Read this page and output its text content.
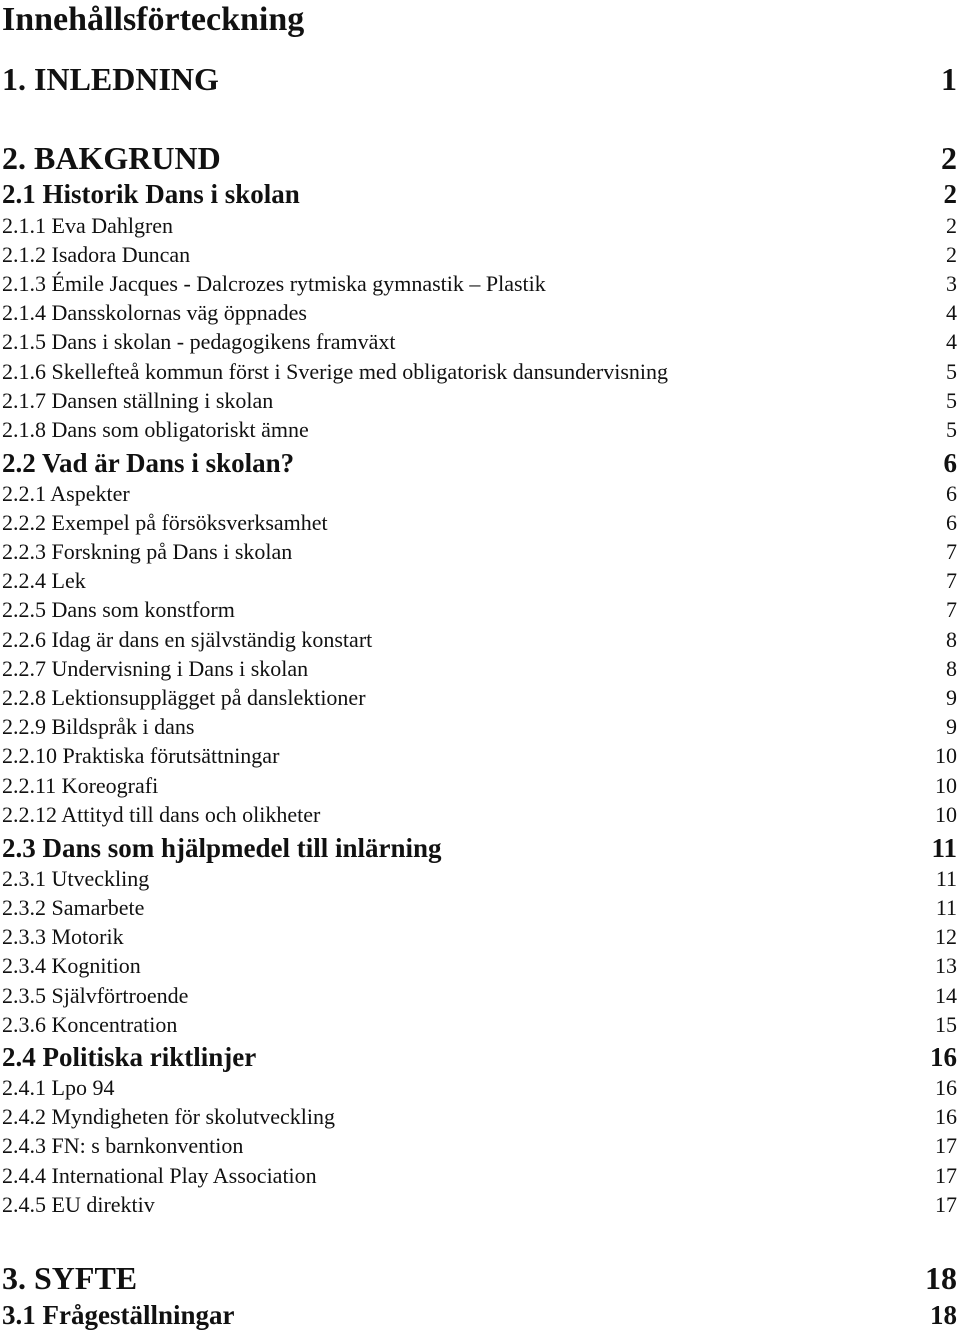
Innehållsförteckning
1. INLEDNING	1
2. BAKGRUND	2
2.1 Historik Dans i skolan	2
2.1.1 Eva Dahlgren	2
2.1.2 Isadora Duncan	2
2.1.3 Émile Jacques - Dalcrozes rytmiska gymnastik – Plastik	3
2.1.4 Dansskolornas väg öppnades	4
2.1.5 Dans i skolan - pedagogikens framväxt	4
2.1.6 Skellefteå kommun först i Sverige med obligatorisk dansundervisning	5
2.1.7 Dansen ställning i skolan	5
2.1.8 Dans som obligatoriskt ämne	5
2.2 Vad är Dans i skolan?	6
2.2.1 Aspekter	6
2.2.2 Exempel på försöksverksamhet	6
2.2.3 Forskning på Dans i skolan	7
2.2.4 Lek	7
2.2.5 Dans som konstform	7
2.2.6 Idag är dans en självständig konstart	8
2.2.7 Undervisning i Dans i skolan	8
2.2.8 Lektionsupplägget på danslektioner	9
2.2.9 Bildspråk i dans	9
2.2.10 Praktiska förutsättningar	10
2.2.11 Koreografi	10
2.2.12 Attityd till dans och olikheter	10
2.3 Dans som hjälpmedel till inlärning	11
2.3.1 Utveckling	11
2.3.2 Samarbete	11
2.3.3 Motorik	12
2.3.4 Kognition	13
2.3.5 Självförtroende	14
2.3.6 Koncentration	15
2.4 Politiska riktlinjer	16
2.4.1 Lpo 94	16
2.4.2 Myndigheten för skolutveckling	16
2.4.3 FN: s barnkonvention	17
2.4.4 International Play Association	17
2.4.5 EU direktiv	17
3. SYFTE	18
3.1 Frågeställningar	18
